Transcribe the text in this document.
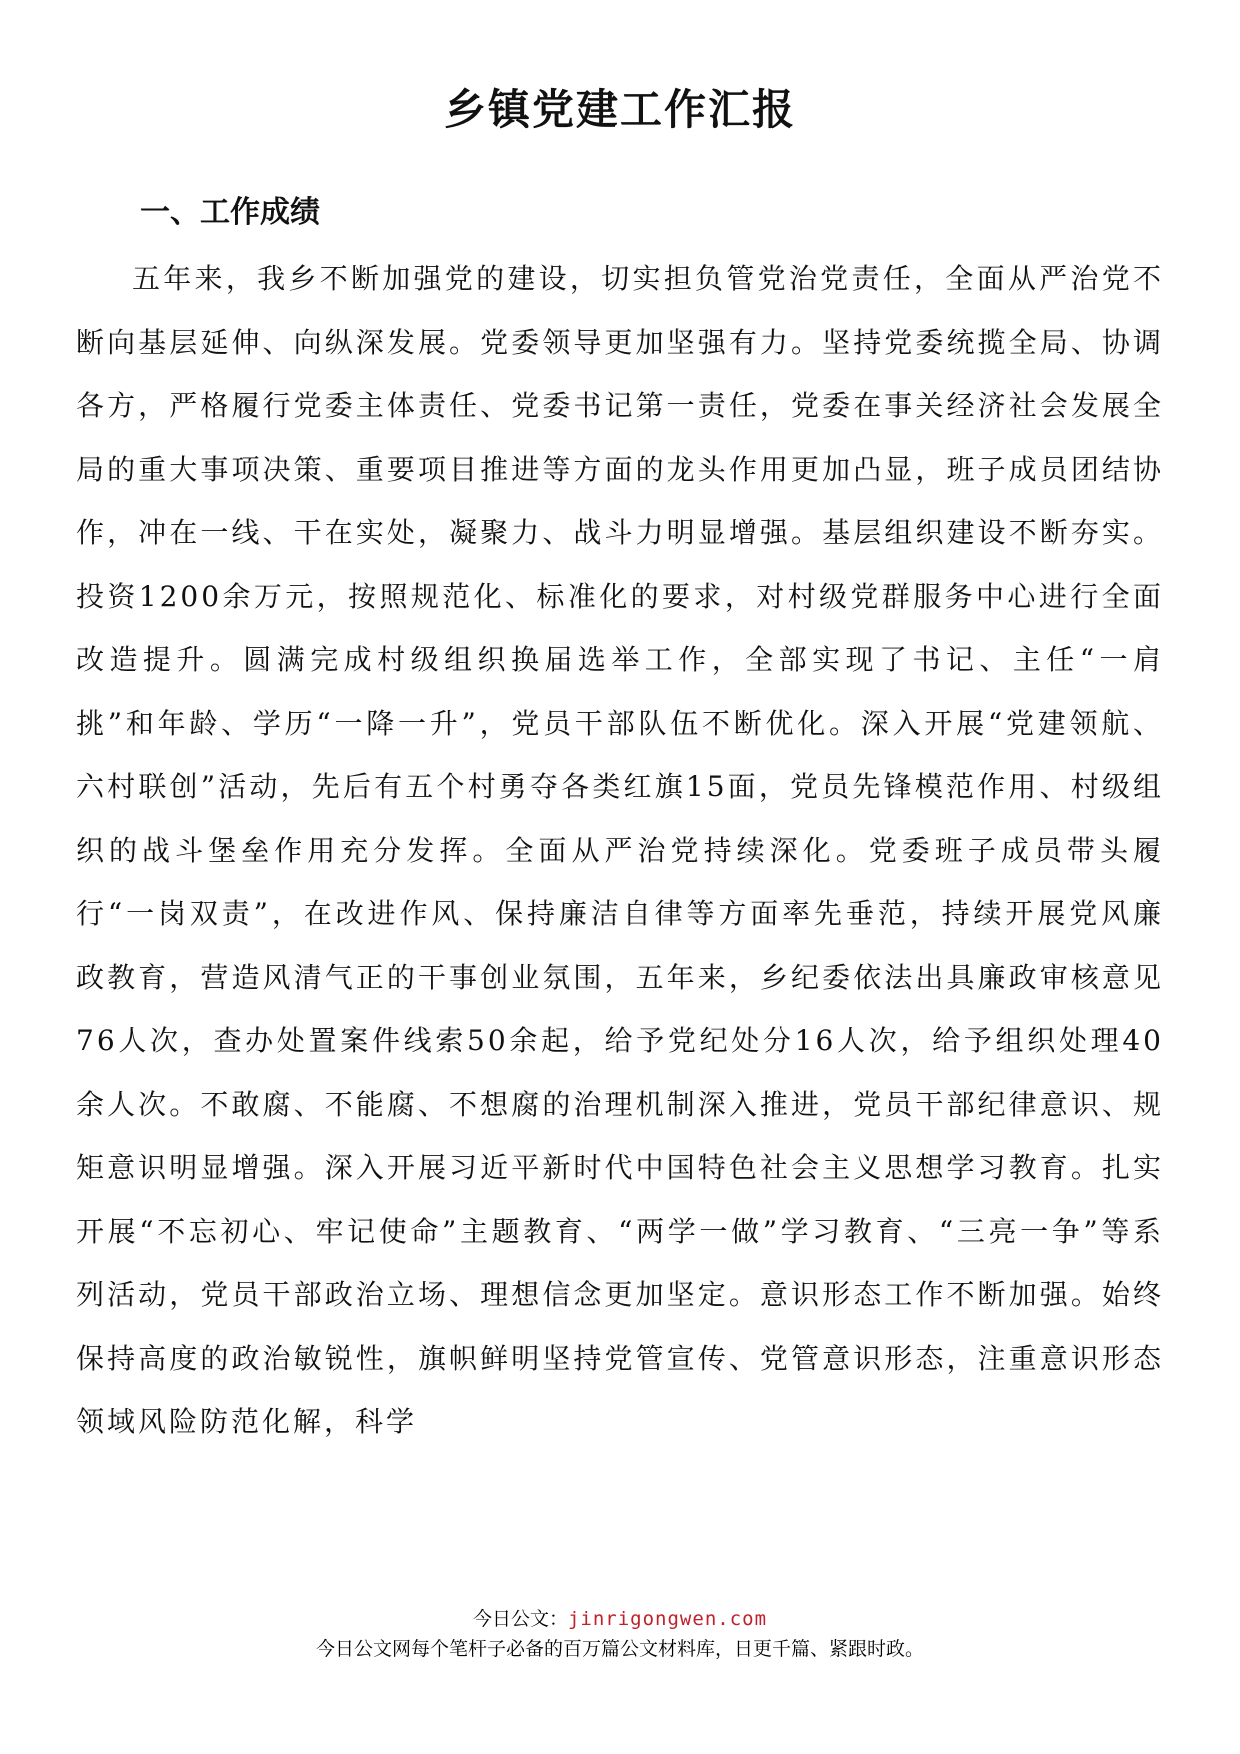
乡镇党建工作汇报
一、工作成绩

五年来，我乡不断加强党的建设，切实担负管党治党责任，全面从严治党不断向基层延伸、向纵深发展。党委领导更加坚强有力。坚持党委统揽全局、协调各方，严格履行党委主体责任、党委书记第一责任，党委在事关经济社会发展全局的重大事项决策、重要项目推进等方面的龙头作用更加凸显，班子成员团结协作，冲在一线、干在实处，凝聚力、战斗力明显增强。基层组织建设不断夯实。投资1200余万元，按照规范化、标准化的要求，对村级党群服务中心进行全面改造提升。圆满完成村级组织换届选举工作，全部实现了书记、主任“一肩挑”和年龄、学历“一降一升”，党员干部队伍不断优化。深入开展“党建领航、六村联创”活动，先后有五个村勇夺各类红旗15面，党员先锋模范作用、村级组织的战斗堡垒作用充分发挥。全面从严治党持续深化。党委班子成员带头履行“一岗双责”，在改进作风、保持廉洁自律等方面率先垂范，持续开展党风廉政教育，营造风清气正的干事创业氛围，五年来，乡纪委依法出具廉政审核意见76人次，查办处置案件线索50余起，给予党纪处分16人次，给予组织处理40余人次。不敢腐、不能腐、不想腐的治理机制深入推进，党员干部纪律意识、规矩意识明显增强。深入开展习近平新时代中国特色社会主义思想学习教育。扎实开展“不忘初心、牢记使命”主题教育、“两学一做”学习教育、“三亮一争”等系列活动，党员干部政治立场、理想信念更加坚定。意识形态工作不断加强。始终保持高度的政治敏锐性，旗帜鲜明坚持党管宣传、党管意识形态，注重意识形态领域风险防范化解，科学

今日公文：jinrigongwen.com
今日公文网每个笔杆子必备的百万篇公文材料库，日更千篇、紧跟时政。
